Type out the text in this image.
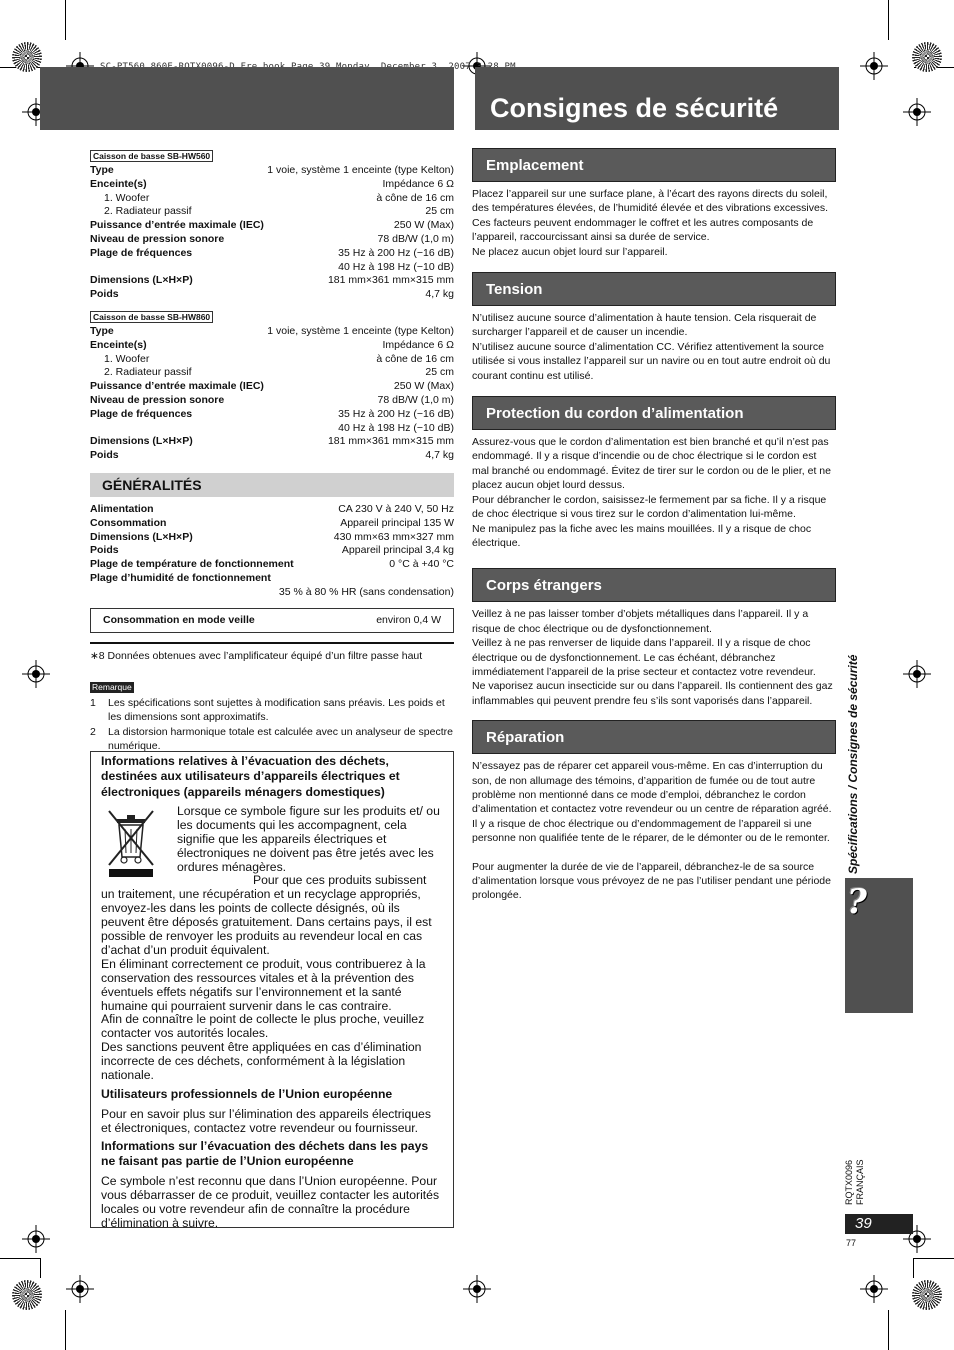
2007
Consignes de sécurité
Caisson de basse SB-HW560
Type	1 voie, système 1 enceinte (type Kelton)
Enceinte(s)	Impédance 6 Ω
1. Woofer	à cône de 16 cm
2. Radiateur passif	25 cm
Puissance d’entrée maximale (IEC)	250 W (Max)
Niveau de pression sonore	78 dB/W (1,0 m)
Plage de fréquences	35 Hz à 200 Hz (−16 dB)
40 Hz à 198 Hz (−10 dB)
Dimensions (L×H×P)	181 mm×361 mm×315 mm
Poids	4,7 kg
Caisson de basse SB-HW860
Type	1 voie, système 1 enceinte (type Kelton)
Enceinte(s)	Impédance 6 Ω
1. Woofer	à cône de 16 cm
2. Radiateur passif	25 cm
Puissance d’entrée maximale (IEC)	250 W (Max)
Niveau de pression sonore	78 dB/W (1,0 m)
Plage de fréquences	35 Hz à 200 Hz (−16 dB)
40 Hz à 198 Hz (−10 dB)
Dimensions (L×H×P)	181 mm×361 mm×315 mm
Poids	4,7 kg
GÉNÉRALITÉS
Alimentation	CA 230 V à 240 V, 50 Hz
Consommation	Appareil principal 135 W
Dimensions (L×H×P)	430 mm×63 mm×327 mm
Poids	Appareil principal 3,4 kg
Plage de température de fonctionnement	0 °C à +40 °C
Plage d’humidité de fonctionnement
35 % à 80 % HR (sans condensation)
Consommation en mode veille	environ 0,4 W
∗8 Données obtenues avec l’amplificateur équipé d’un filtre passe haut
Remarque
1	Les spécifications sont sujettes à modification sans préavis. Les poids et les dimensions sont approximatifs.
2	La distorsion harmonique totale est calculée avec un analyseur de spectre numérique.
Informations relatives à l’évacuation des déchets, destinées aux utilisateurs d’appareils électriques et électroniques (appareils ménagers domestiques)

Lorsque ce symbole figure sur les produits et/ ou les documents qui les accompagnent, cela signifie que les appareils électriques et électroniques ne doivent pas être jetés avec les ordures ménagères.

Pour que ces produits subissent un traitement, une récupération et un recyclage appropriés, envoyez-les dans les points de collecte désignés, où ils peuvent être déposés gratuitement. Dans certains pays, il est possible de renvoyer les produits au revendeur local en cas d’achat d’un produit équivalent.

En éliminant correctement ce produit, vous contribuerez à la conservation des ressources vitales et à la prévention des éventuels effets négatifs sur l’environnement et la santé humaine qui pourraient survenir dans le cas contraire.

Afin de connaître le point de collecte le plus proche, veuillez contacter vos autorités locales.

Des sanctions peuvent être appliquées en cas d’élimination incorrecte de ces déchets, conformément à la législation nationale.

Utilisateurs professionnels de l’Union européenne

Pour en savoir plus sur l’élimination des appareils électriques et électroniques, contactez votre revendeur ou fournisseur.

Informations sur l’évacuation des déchets dans les pays ne faisant pas partie de l’Union européenne

Ce symbole n’est reconnu que dans l’Union européenne. Pour vous débarrasser de ce produit, veuillez contacter les autorités locales ou votre revendeur afin de connaître la procédure d’élimination à suivre.

Emplacement

Placez l’appareil sur une surface plane, à l’écart des rayons directs du soleil, des températures élevées, de l’humidité élevée et des vibrations excessives. Ces facteurs peuvent endommager le coffret et les autres composants de l’appareil, raccourcissant ainsi sa durée de service.

Ne placez aucun objet lourd sur l’appareil.

Tension

N’utilisez aucune source d’alimentation à haute tension. Cela risquerait de surcharger l’appareil et de causer un incendie.

N’utilisez aucune source d’alimentation CC. Vérifiez attentivement la source utilisée si vous installez l’appareil sur un navire ou en tout autre endroit où du courant continu est utilisé.

Protection du cordon d’alimentation

Assurez-vous que le cordon d’alimentation est bien branché et qu’il n’est pas endommagé. Il y a risque d’incendie ou de choc électrique si le cordon est mal branché ou endommagé. Évitez de tirer sur le cordon ou de le plier, et ne placez aucun objet lourd dessus.

Pour débrancher le cordon, saisissez-le fermement par sa fiche. Il y a risque de choc électrique si vous tirez sur le cordon d’alimentation lui-même.

Ne manipulez pas la fiche avec les mains mouillées. Il y a risque de choc électrique.

Corps étrangers

Veillez à ne pas laisser tomber d’objets métalliques dans l’appareil. Il y a risque de choc électrique ou de dysfonctionnement.

Veillez à ne pas renverser de liquide dans l’appareil. Il y a risque de choc électrique ou de dysfonctionnement. Le cas échéant, débranchez immédiatement l’appareil de la prise secteur et contactez votre revendeur.

Ne vaporisez aucun insecticide sur ou dans l’appareil. Ils contiennent des gaz inflammables qui peuvent prendre feu s’ils sont vaporisés dans l’appareil.

Réparation

N’essayez pas de réparer cet appareil vous-même. En cas d’interruption du son, de non allumage des témoins, d’apparition de fumée ou de tout autre problème non mentionné dans ce mode d’emploi, débranchez le cordon d’alimentation et contactez votre revendeur ou un centre de réparation agréé. Il y a risque de choc électrique ou d’endommagement de l’appareil si une personne non qualifiée tente de le réparer, de le démonter ou de le remonter.

Pour augmenter la durée de vie de l’appareil, débranchez-le de sa source d’alimentation lorsque vous prévoyez de ne pas l’utiliser pendant une période prolongée.
Spécifications / Consignes de sécurité
?
RQTX0096 FRANÇAIS
39
77
